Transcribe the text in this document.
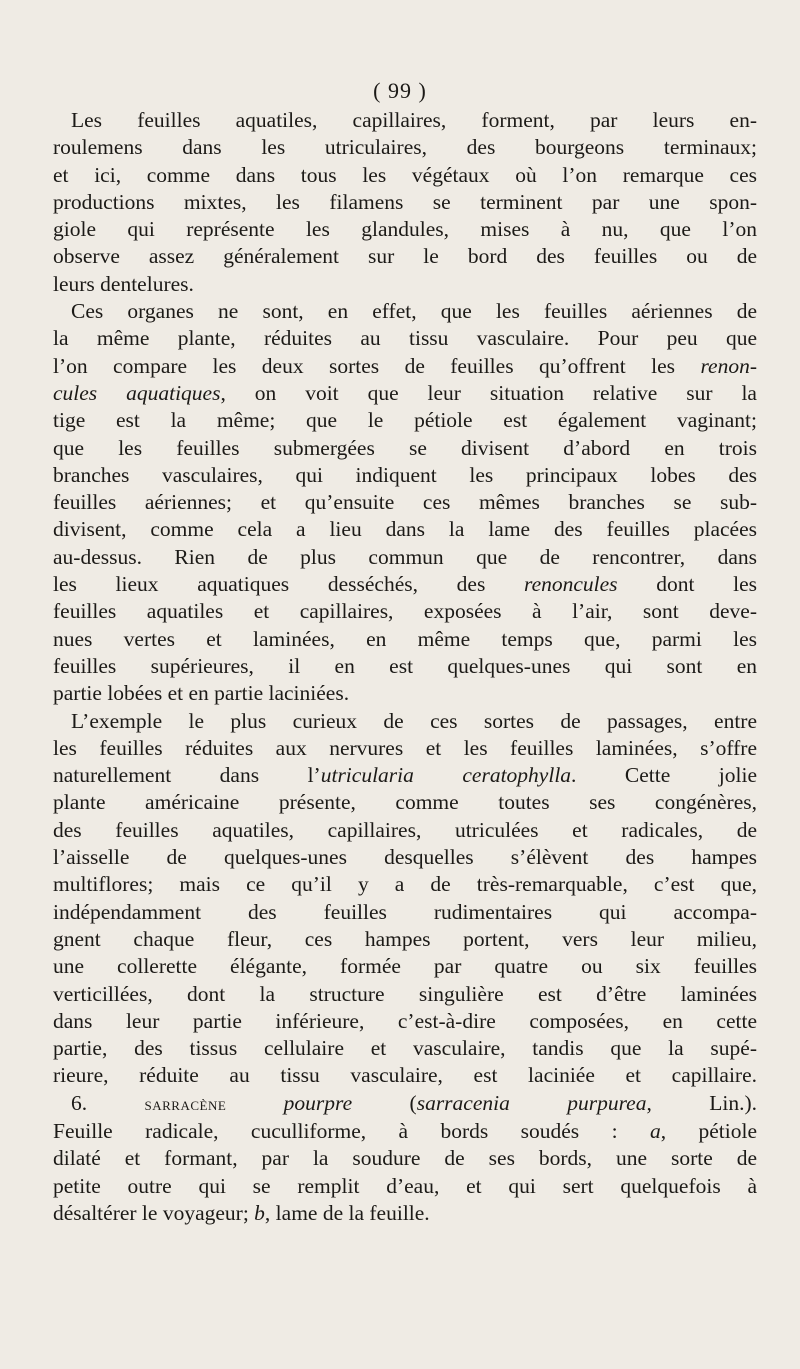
( 99 )
Les feuilles aquatiles, capillaires, forment, par leurs en-
roulemens dans les utriculaires, des bourgeons terminaux;
et ici, comme dans tous les végétaux où l’on remarque ces
productions mixtes, les filamens se terminent par une spon-
giole qui représente les glandules, mises à nu, que l’on
observe assez généralement sur le bord des feuilles ou de
leurs dentelures.
Ces organes ne sont, en effet, que les feuilles aériennes de
la même plante, réduites au tissu vasculaire. Pour peu que
l’on compare les deux sortes de feuilles qu’offrent les renon-
cules aquatiques, on voit que leur situation relative sur la
tige est la même; que le pétiole est également vaginant;
que les feuilles submergées se divisent d’abord en trois
branches vasculaires, qui indiquent les principaux lobes des
feuilles aériennes; et qu’ensuite ces mêmes branches se sub-
divisent, comme cela a lieu dans la lame des feuilles placées
au-dessus. Rien de plus commun que de rencontrer, dans
les lieux aquatiques desséchés, des renoncules dont les
feuilles aquatiles et capillaires, exposées à l’air, sont deve-
nues vertes et laminées, en même temps que, parmi les
feuilles supérieures, il en est quelques-unes qui sont en
partie lobées et en partie laciniées.
L’exemple le plus curieux de ces sortes de passages, entre
les feuilles réduites aux nervures et les feuilles laminées, s’offre
naturellement dans l’utricularia ceratophylla. Cette jolie
plante américaine présente, comme toutes ses congénères,
des feuilles aquatiles, capillaires, utriculées et radicales, de
l’aisselle de quelques-unes desquelles s’élèvent des hampes
multiflores; mais ce qu’il y a de très-remarquable, c’est que,
indépendamment des feuilles rudimentaires qui accompa-
gnent chaque fleur, ces hampes portent, vers leur milieu,
une collerette élégante, formée par quatre ou six feuilles
verticillées, dont la structure singulière est d’être laminées
dans leur partie inférieure, c’est-à-dire composées, en cette
partie, des tissus cellulaire et vasculaire, tandis que la supé-
rieure, réduite au tissu vasculaire, est laciniée et capillaire.
6. sarracène	pourpre (sarracenia purpurea, Lin.).
Feuille radicale, cuculliforme, à bords soudés : a, pétiole
dilaté et formant, par la soudure de ses bords, une sorte de
petite outre qui se remplit d’eau, et qui sert quelquefois à
désaltérer le voyageur; b, lame de la feuille.
